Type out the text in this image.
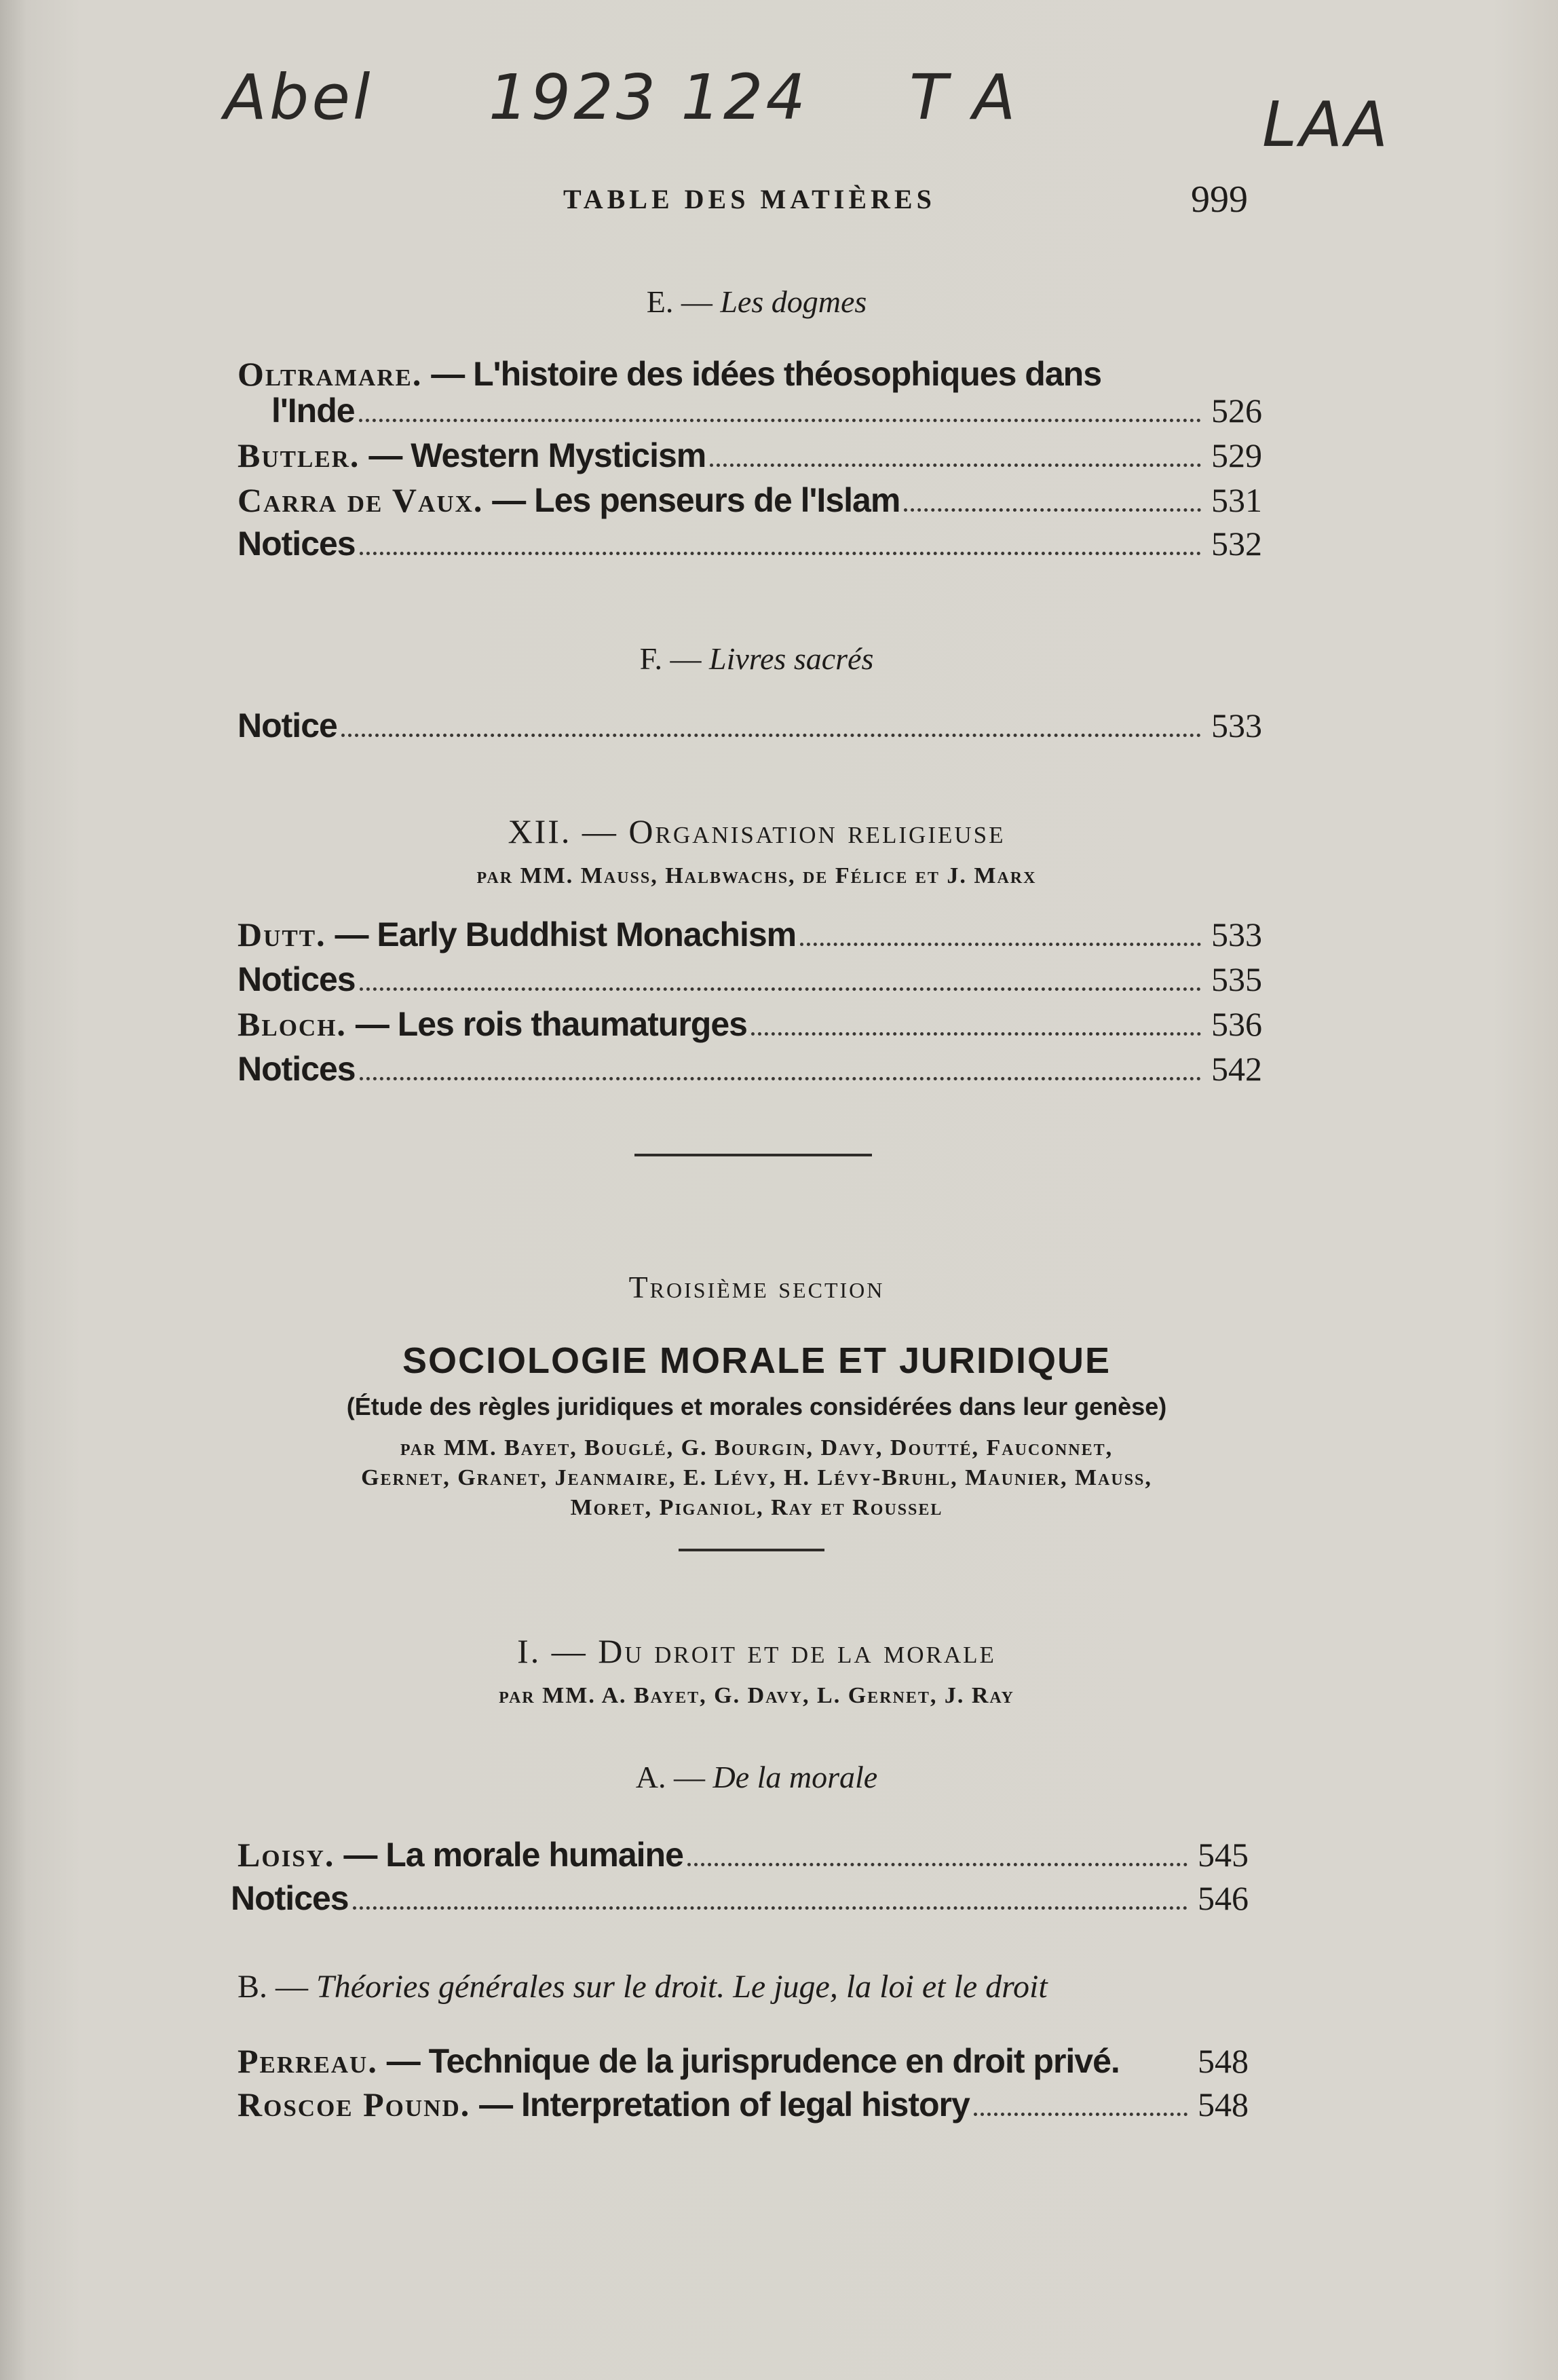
Abel 1923 124 T A	LAA
TABLE DES MATIÈRES	999
E. — Les dogmes
Oltramare. — L'histoire des idées théosophiques dans
l'Inde	526
Butler. — Western Mysticism	529
Carra de Vaux. — Les penseurs de l'Islam	531
Notices	532
F. — Livres sacrés
Notice	533
XII. — Organisation religieuse
par MM. Mauss, Halbwachs, de Félice et J. Marx
Dutt. — Early Buddhist Monachism	533
Notices	535
Bloch. — Les rois thaumaturges	536
Notices	542
Troisième section
SOCIOLOGIE MORALE ET JURIDIQUE
(Étude des règles juridiques et morales considérées dans leur genèse)
par MM. Bayet, Bouglé, G. Bourgin, Davy, Doutté, Fauconnet,
Gernet, Granet, Jeanmaire, E. Lévy, H. Lévy-Bruhl, Maunier, Mauss,
Moret, Piganiol, Ray et Roussel
I. — Du droit et de la morale
par MM. A. Bayet, G. Davy, L. Gernet, J. Ray
A. — De la morale
Loisy. — La morale humaine	545
Notices	546
B. — Théories générales sur le droit. Le juge, la loi et le droit
Perreau. — Technique de la jurisprudence en droit privé. 548
Roscoe Pound. — Interpretation of legal history	548
